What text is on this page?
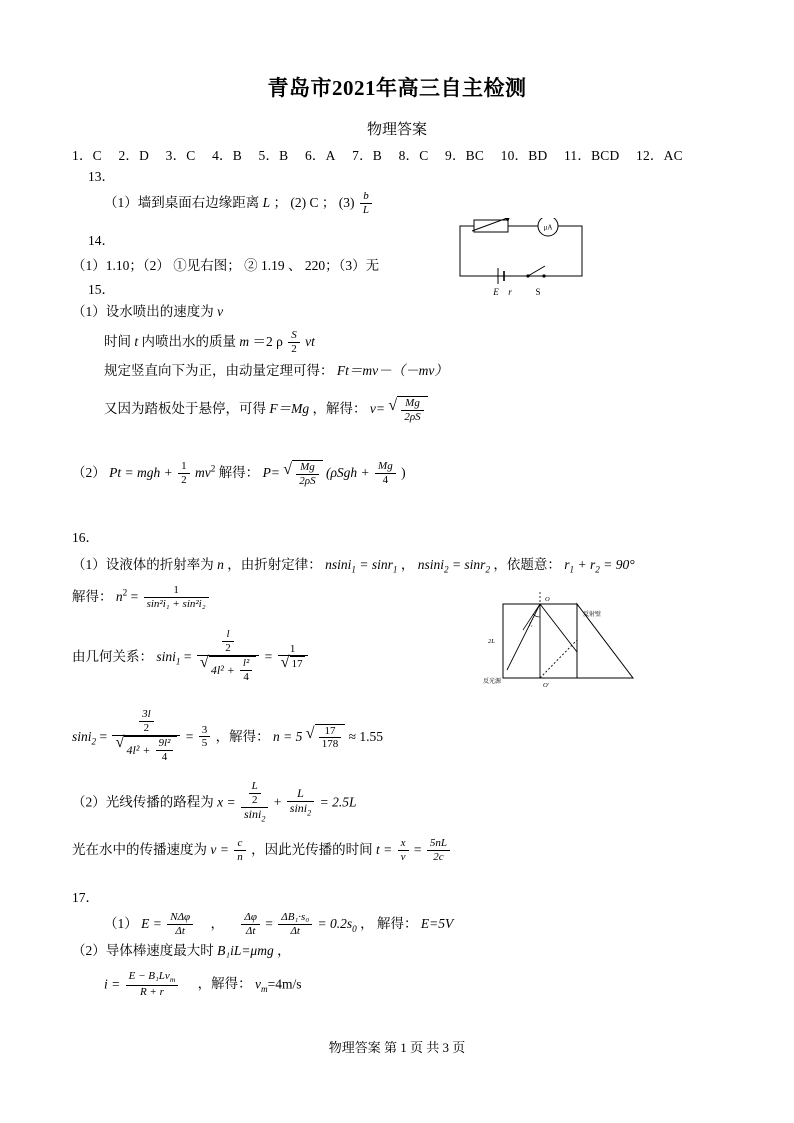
青岛市2021年高三自主检测
物理答案
1．C 2．D 3．C 4．B 5．B 6．A 7．B 8．C 9．BC 10．BD 11．BCD 12．AC
13．
（1）墙到桌面右边缘距离 L ； (2) C ； $(3) \frac{b}{L}$
14．
（1）1.10；（2） ①见右图； ② 1.19 、 220；（3）无
μA
E r	S
15．
（1）设水喷出的速度为 v
时间 t 内喷出水的质量 m ＝2 ρ $\frac{S}{2}$ vt
规定竖直向下为正，由动量定理可得： Ft＝mv－（－mv）
又因为踏板处于悬停，可得 F＝Mg ，解得： v= √ $\frac{Mg}{2\rho S}$
（2） Pt = mgh + $\frac{1}{2} mv^2$ 解得： P= √ $\frac{Mg}{2\rho S} (\rho Sgh + \frac{Mg}{4}$ )
16．
（1）设液体的折射率为 n ，由折射定律： nsini$_1$ = sinr$_1$ ， nsini$_2$ = sinr$_2$ ，依题意： $r_1 + r_2 = 90^\circ$
解得： $n^2 = \frac{1}{\text{sin²i₁ + sin²i₂}}$
由几何关系： $\sin i_1 = \frac{l}{2}$
√ $4l^2 + \frac{\text{l²}}{4} = 1$
√ 17
$\sin i_2 = \frac{3l}{2}$
√ $4l^2 + \frac{\text{9l²}}{4} = \frac{3}{5}$ ，解得： n = 5 √ $\frac{17}{178} \approx 1.55$
（2）光线传播的路程为 $x = \frac{\frac{L}{2}}{\sin i_2} + \frac{L}{\sin i_2} = 2.5L$
光在水中的传播速度为 $v = \frac{c}{n}$ ，因此光传播的时间 $t = \frac{x}{v} = \frac{5nL}{2c}$
O
O'
2L
反射壁
反光源
i₁
17．
（1） $E = \frac{\text{NΔφ}}{\Delta t}$ ， $\frac{\Delta\varphi}{\Delta t} = \frac{\text{ΔB₁·s₀}}{\Delta t} = 0.2s_0$ ， 解得： E=5V
（2）导体棒速度最大时 B₁iL=μmg ，
$i = \frac{E - B_1Lv_m}{R + r}$ ，解得： $v_m=4m/s$
物理答案 第 1 页 共 3 页
